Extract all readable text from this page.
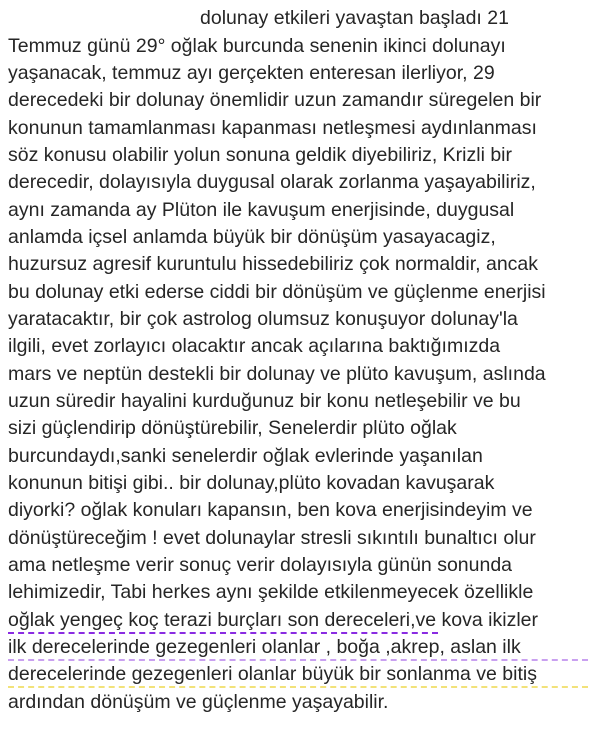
dolunay etkileri yavaştan başladı 21
Temmuz günü 29° oğlak burcunda senenin ikinci dolunayı
yaşanacak, temmuz ayı gerçekten enteresan ilerliyor, 29
derecedeki bir dolunay önemlidir uzun zamandır süregelen bir
konunun tamamlanması kapanması netleşmesi aydınlanması
söz konusu olabilir yolun sonuna geldik diyebiliriz, Krizli bir
derecedir, dolayısıyla duygusal olarak zorlanma yaşayabiliriz,
aynı zamanda ay Plüton ile kavuşum enerjisinde, duygusal
anlamda içsel anlamda büyük bir dönüşüm yasayacagiz,
huzursuz agresif kuruntulu hissedebiliriz çok normaldir, ancak
bu dolunay etki ederse ciddi bir dönüşüm ve güçlenme enerjisi
yaratacaktır, bir çok astrolog olumsuz konuşuyor dolunay'la
ilgili, evet zorlayıcı olacaktır ancak açılarına baktığımızda
mars ve neptün destekli bir dolunay ve plüto kavuşum, aslında
uzun süredir hayalini kurduğunuz bir konu netleşebilir ve bu
sizi güçlendirip dönüştürebilir, Senelerdir plüto oğlak
burcundaydı,sanki senelerdir oğlak evlerinde yaşanılan
konunun bitişi gibi.. bir dolunay,plüto kovadan kavuşarak
diyorki? oğlak konuları kapansın, ben kova enerjisindeyim ve
dönüştüreceğim ! evet dolunaylar stresli sıkıntılı bunaltıcı olur
ama netleşme verir sonuç verir dolayısıyla günün sonunda
lehimizedir, Tabi herkes aynı şekilde etkilenmeyecek özellikle
oğlak yengeç koç terazi burçları son dereceleri,ve kova ikizler
ilk derecelerinde gezegenleri olanlar , boğa ,akrep, aslan ilk
derecelerinde gezegenleri olanlar büyük bir sonlanma ve bitiş
ardından dönüşüm ve güçlenme yaşayabilir.
